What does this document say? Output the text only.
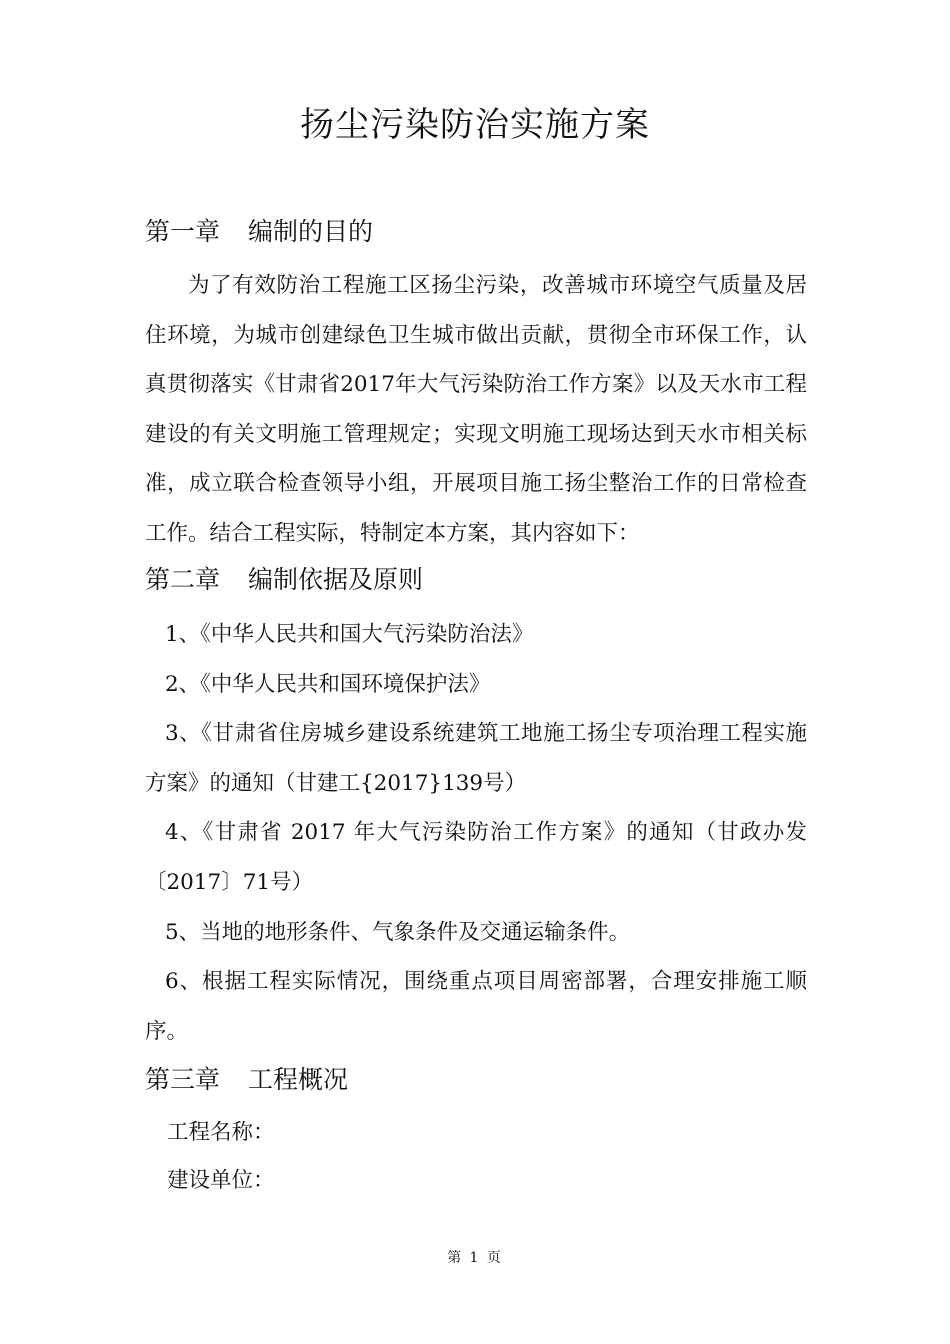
扬尘污染防治实施方案
第一章 编制的目的
为了有效防治工程施工区扬尘污染，改善城市环境空气质量及居住环境，为城市创建绿色卫生城市做出贡献，贯彻全市环保工作，认真贯彻落实《甘肃省2017年大气污染防治工作方案》以及天水市工程建设的有关文明施工管理规定；实现文明施工现场达到天水市相关标准，成立联合检查领导小组，开展项目施工扬尘整治工作的日常检查工作。结合工程实际，特制定本方案，其内容如下：
第二章 编制依据及原则
1、《中华人民共和国大气污染防治法》
2、《中华人民共和国环境保护法》
3、《甘肃省住房城乡建设系统建筑工地施工扬尘专项治理工程实施方案》的通知（甘建工{2017}139号）
4、《甘肃省 2017 年大气污染防治工作方案》的通知（甘政办发〔2017〕71号）
5、当地的地形条件、气象条件及交通运输条件。
6、根据工程实际情况，围绕重点项目周密部署，合理安排施工顺序。
第三章 工程概况
工程名称：
建设单位：
第 1 页
